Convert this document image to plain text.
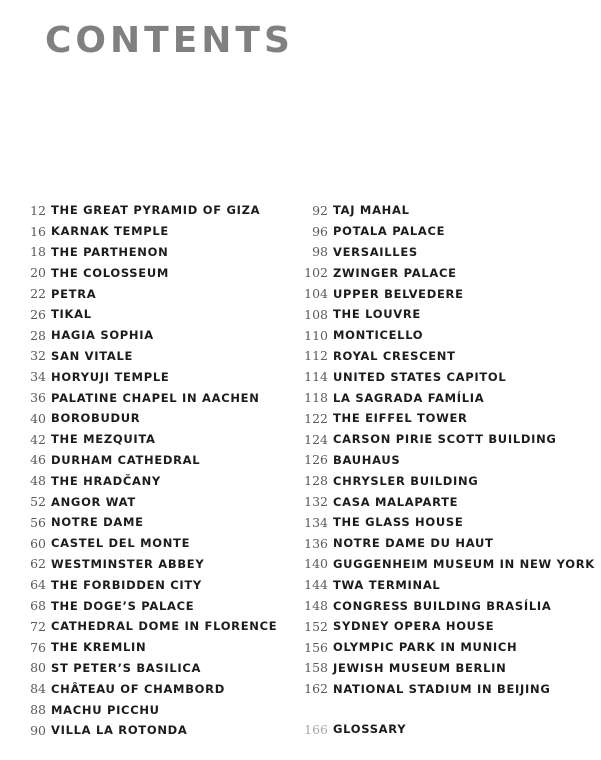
CONTENTS
12 THE GREAT PYRAMID OF GIZA
16 KARNAK TEMPLE
18 THE PARTHENON
20 THE COLOSSEUM
22 PETRA
26 TIKAL
28 HAGIA SOPHIA
32 SAN VITALE
34 HORYUJI TEMPLE
36 PALATINE CHAPEL IN AACHEN
40 BOROBUDUR
42 THE MEZQUITA
46 DURHAM CATHEDRAL
48 THE HRADČANY
52 ANGOR WAT
56 NOTRE DAME
60 CASTEL DEL MONTE
62 WESTMINSTER ABBEY
64 THE FORBIDDEN CITY
68 THE DOGE’S PALACE
72 CATHEDRAL DOME IN FLORENCE
76 THE KREMLIN
80 ST PETER’S BASILICA
84 CHÂTEAU OF CHAMBORD
88 MACHU PICCHU
90 VILLA LA ROTONDA
92 TAJ MAHAL
96 POTALA PALACE
98 VERSAILLES
102 ZWINGER PALACE
104 UPPER BELVEDERE
108 THE LOUVRE
110 MONTICELLO
112 ROYAL CRESCENT
114 UNITED STATES CAPITOL
118 LA SAGRADA FAMÍLIA
122 THE EIFFEL TOWER
124 CARSON PIRIE SCOTT BUILDING
126 BAUHAUS
128 CHRYSLER BUILDING
132 CASA MALAPARTE
134 THE GLASS HOUSE
136 NOTRE DAME DU HAUT
140 GUGGENHEIM MUSEUM IN NEW YORK
144 TWA TERMINAL
148 CONGRESS BUILDING BRASÍLIA
152 SYDNEY OPERA HOUSE
156 OLYMPIC PARK IN MUNICH
158 JEWISH MUSEUM BERLIN
162 NATIONAL STADIUM IN BEIJING
166 GLOSSARY
